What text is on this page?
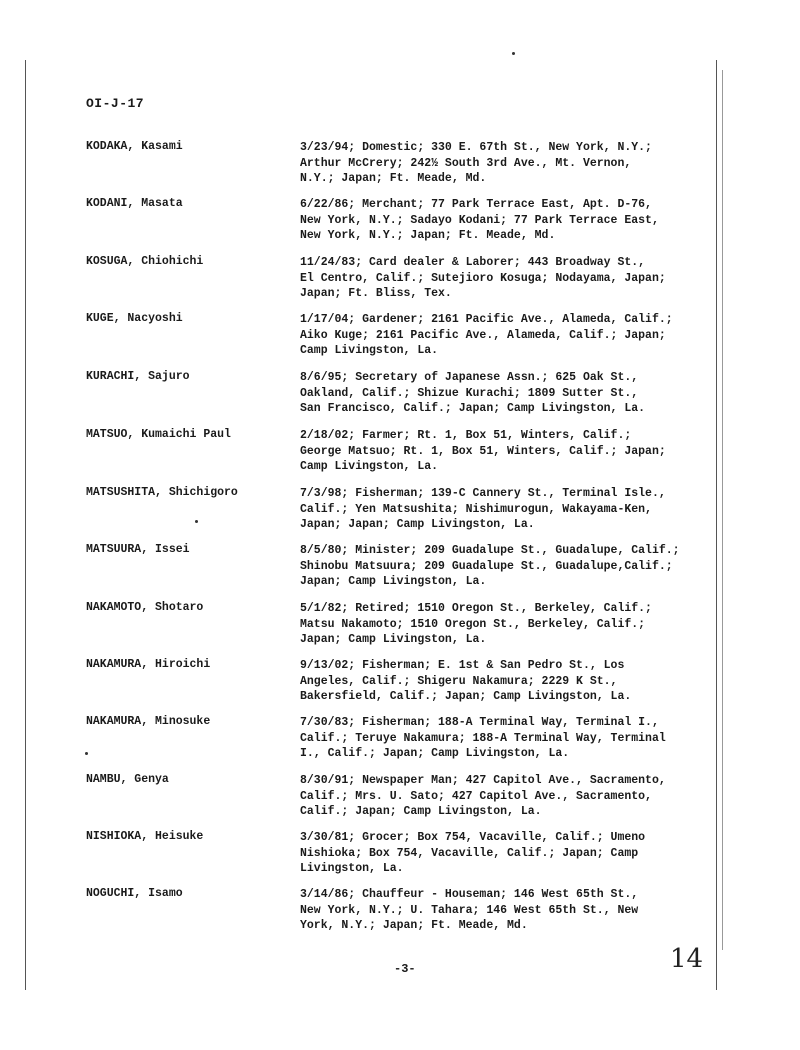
OI-J-17
KODAKA, Kasami	3/23/94; Domestic; 330 E. 67th St., New York, N.Y.;
Arthur McCrery; 242½ South 3rd Ave., Mt. Vernon,
N.Y.; Japan; Ft. Meade, Md.
KODANI, Masata	6/22/86; Merchant; 77 Park Terrace East, Apt. D-76,
New York, N.Y.; Sadayo Kodani; 77 Park Terrace East,
New York, N.Y.; Japan; Ft. Meade, Md.
KOSUGA, Chiohichi	11/24/83; Card dealer & Laborer; 443 Broadway St.,
El Centro, Calif.; Sutejioro Kosuga; Nodayama, Japan;
Japan; Ft. Bliss, Tex.
KUGE, Nacyoshi	1/17/04; Gardener; 2161 Pacific Ave., Alameda, Calif.;
Aiko Kuge; 2161 Pacific Ave., Alameda, Calif.; Japan;
Camp Livingston, La.
KURACHI, Sajuro	8/6/95; Secretary of Japanese Assn.; 625 Oak St.,
Oakland, Calif.; Shizue Kurachi; 1809 Sutter St.,
San Francisco, Calif.; Japan; Camp Livingston, La.
MATSUO, Kumaichi Paul	2/18/02; Farmer; Rt. 1, Box 51, Winters, Calif.;
George Matsuo; Rt. 1, Box 51, Winters, Calif.; Japan;
Camp Livingston, La.
MATSUSHITA, Shichigoro	7/3/98; Fisherman; 139-C Cannery St., Terminal Isle.,
Calif.; Yen Matsushita; Nishimurogun, Wakayama-Ken,
Japan; Japan; Camp Livingston, La.
MATSUURA, Issei	8/5/80; Minister; 209 Guadalupe St., Guadalupe, Calif.;
Shinobu Matsuura; 209 Guadalupe St., Guadalupe,Calif.;
Japan; Camp Livingston, La.
NAKAMOTO, Shotaro	5/1/82; Retired; 1510 Oregon St., Berkeley, Calif.;
Matsu Nakamoto; 1510 Oregon St., Berkeley, Calif.;
Japan; Camp Livingston, La.
NAKAMURA, Hiroichi	9/13/02; Fisherman; E. 1st & San Pedro St., Los
Angeles, Calif.; Shigeru Nakamura; 2229 K St.,
Bakersfield, Calif.; Japan; Camp Livingston, La.
NAKAMURA, Minosuke	7/30/83; Fisherman; 188-A Terminal Way, Terminal I.,
Calif.; Teruye Nakamura; 188-A Terminal Way, Terminal
I., Calif.; Japan; Camp Livingston, La.
NAMBU, Genya	8/30/91; Newspaper Man; 427 Capitol Ave., Sacramento,
Calif.; Mrs. U. Sato; 427 Capitol Ave., Sacramento,
Calif.; Japan; Camp Livingston, La.
NISHIOKA, Heisuke	3/30/81; Grocer; Box 754, Vacaville, Calif.; Umeno
Nishioka; Box 754, Vacaville, Calif.; Japan; Camp
Livingston, La.
NOGUCHI, Isamo	3/14/86; Chauffeur - Houseman; 146 West 65th St.,
New York, N.Y.; U. Tahara; 146 West 65th St., New
York, N.Y.; Japan; Ft. Meade, Md.
-3-	14
